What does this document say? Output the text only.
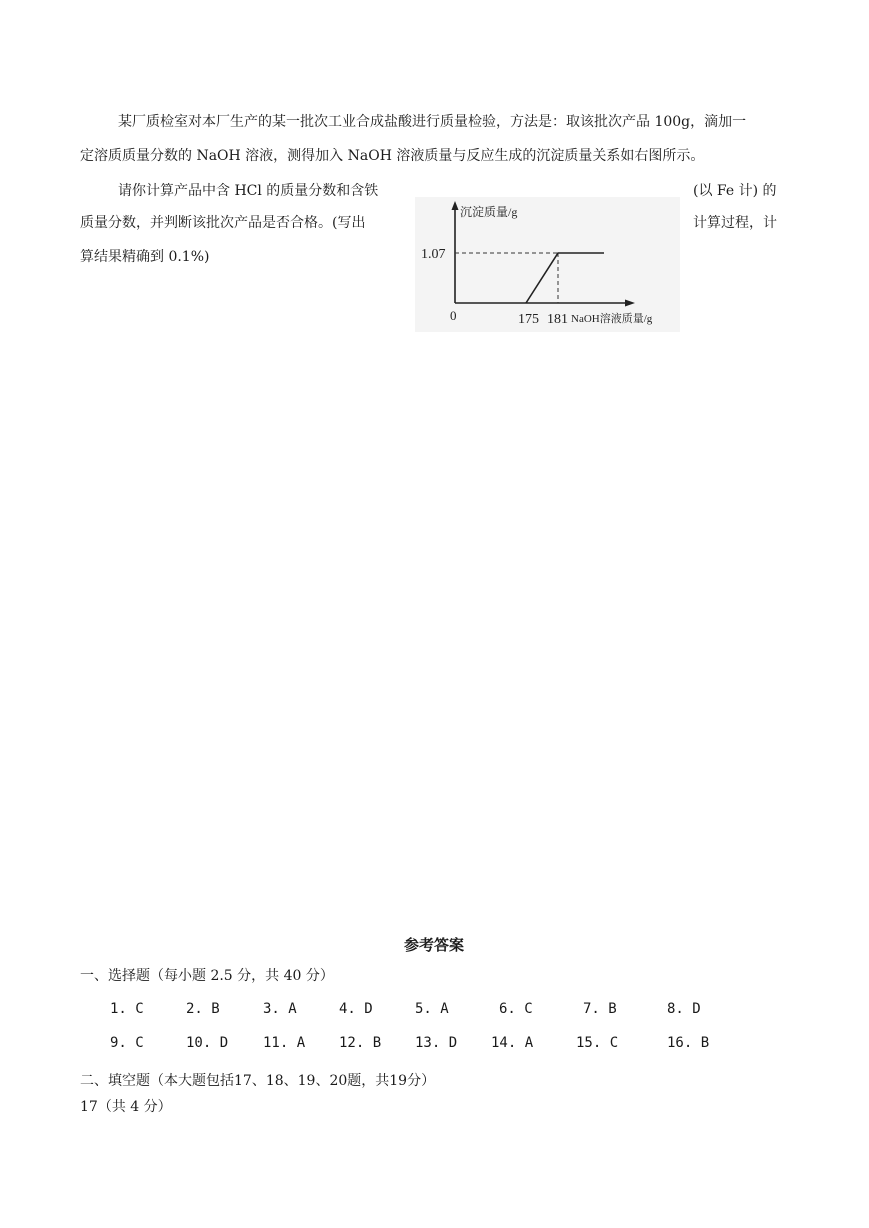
某厂质检室对本厂生产的某一批次工业合成盐酸进行质量检验，方法是：取该批次产品 100g，滴加一
定溶质质量分数的 NaOH 溶液，测得加入 NaOH 溶液质量与反应生成的沉淀质量关系如右图所示。
请你计算产品中含 HCl 的质量分数和含铁	(以 Fe 计) 的
质量分数，并判断该批次产品是否合格。(写出	计算过程，计
算结果精确到 0.1%)
沉淀质量/g
1.07
0	175 181 NaOH溶液质量/g
参考答案
一、选择题（每小题 2.5 分，共 40 分）
1. C	2. B	3. A	4. D	5. A	6. C	7. B	8. D
9. C	10. D 11. A 12. B 13. D 14. A	15. C	16. B
二、填空题（本大题包括17、18、19、20题，共19分）
17（共 4 分）
